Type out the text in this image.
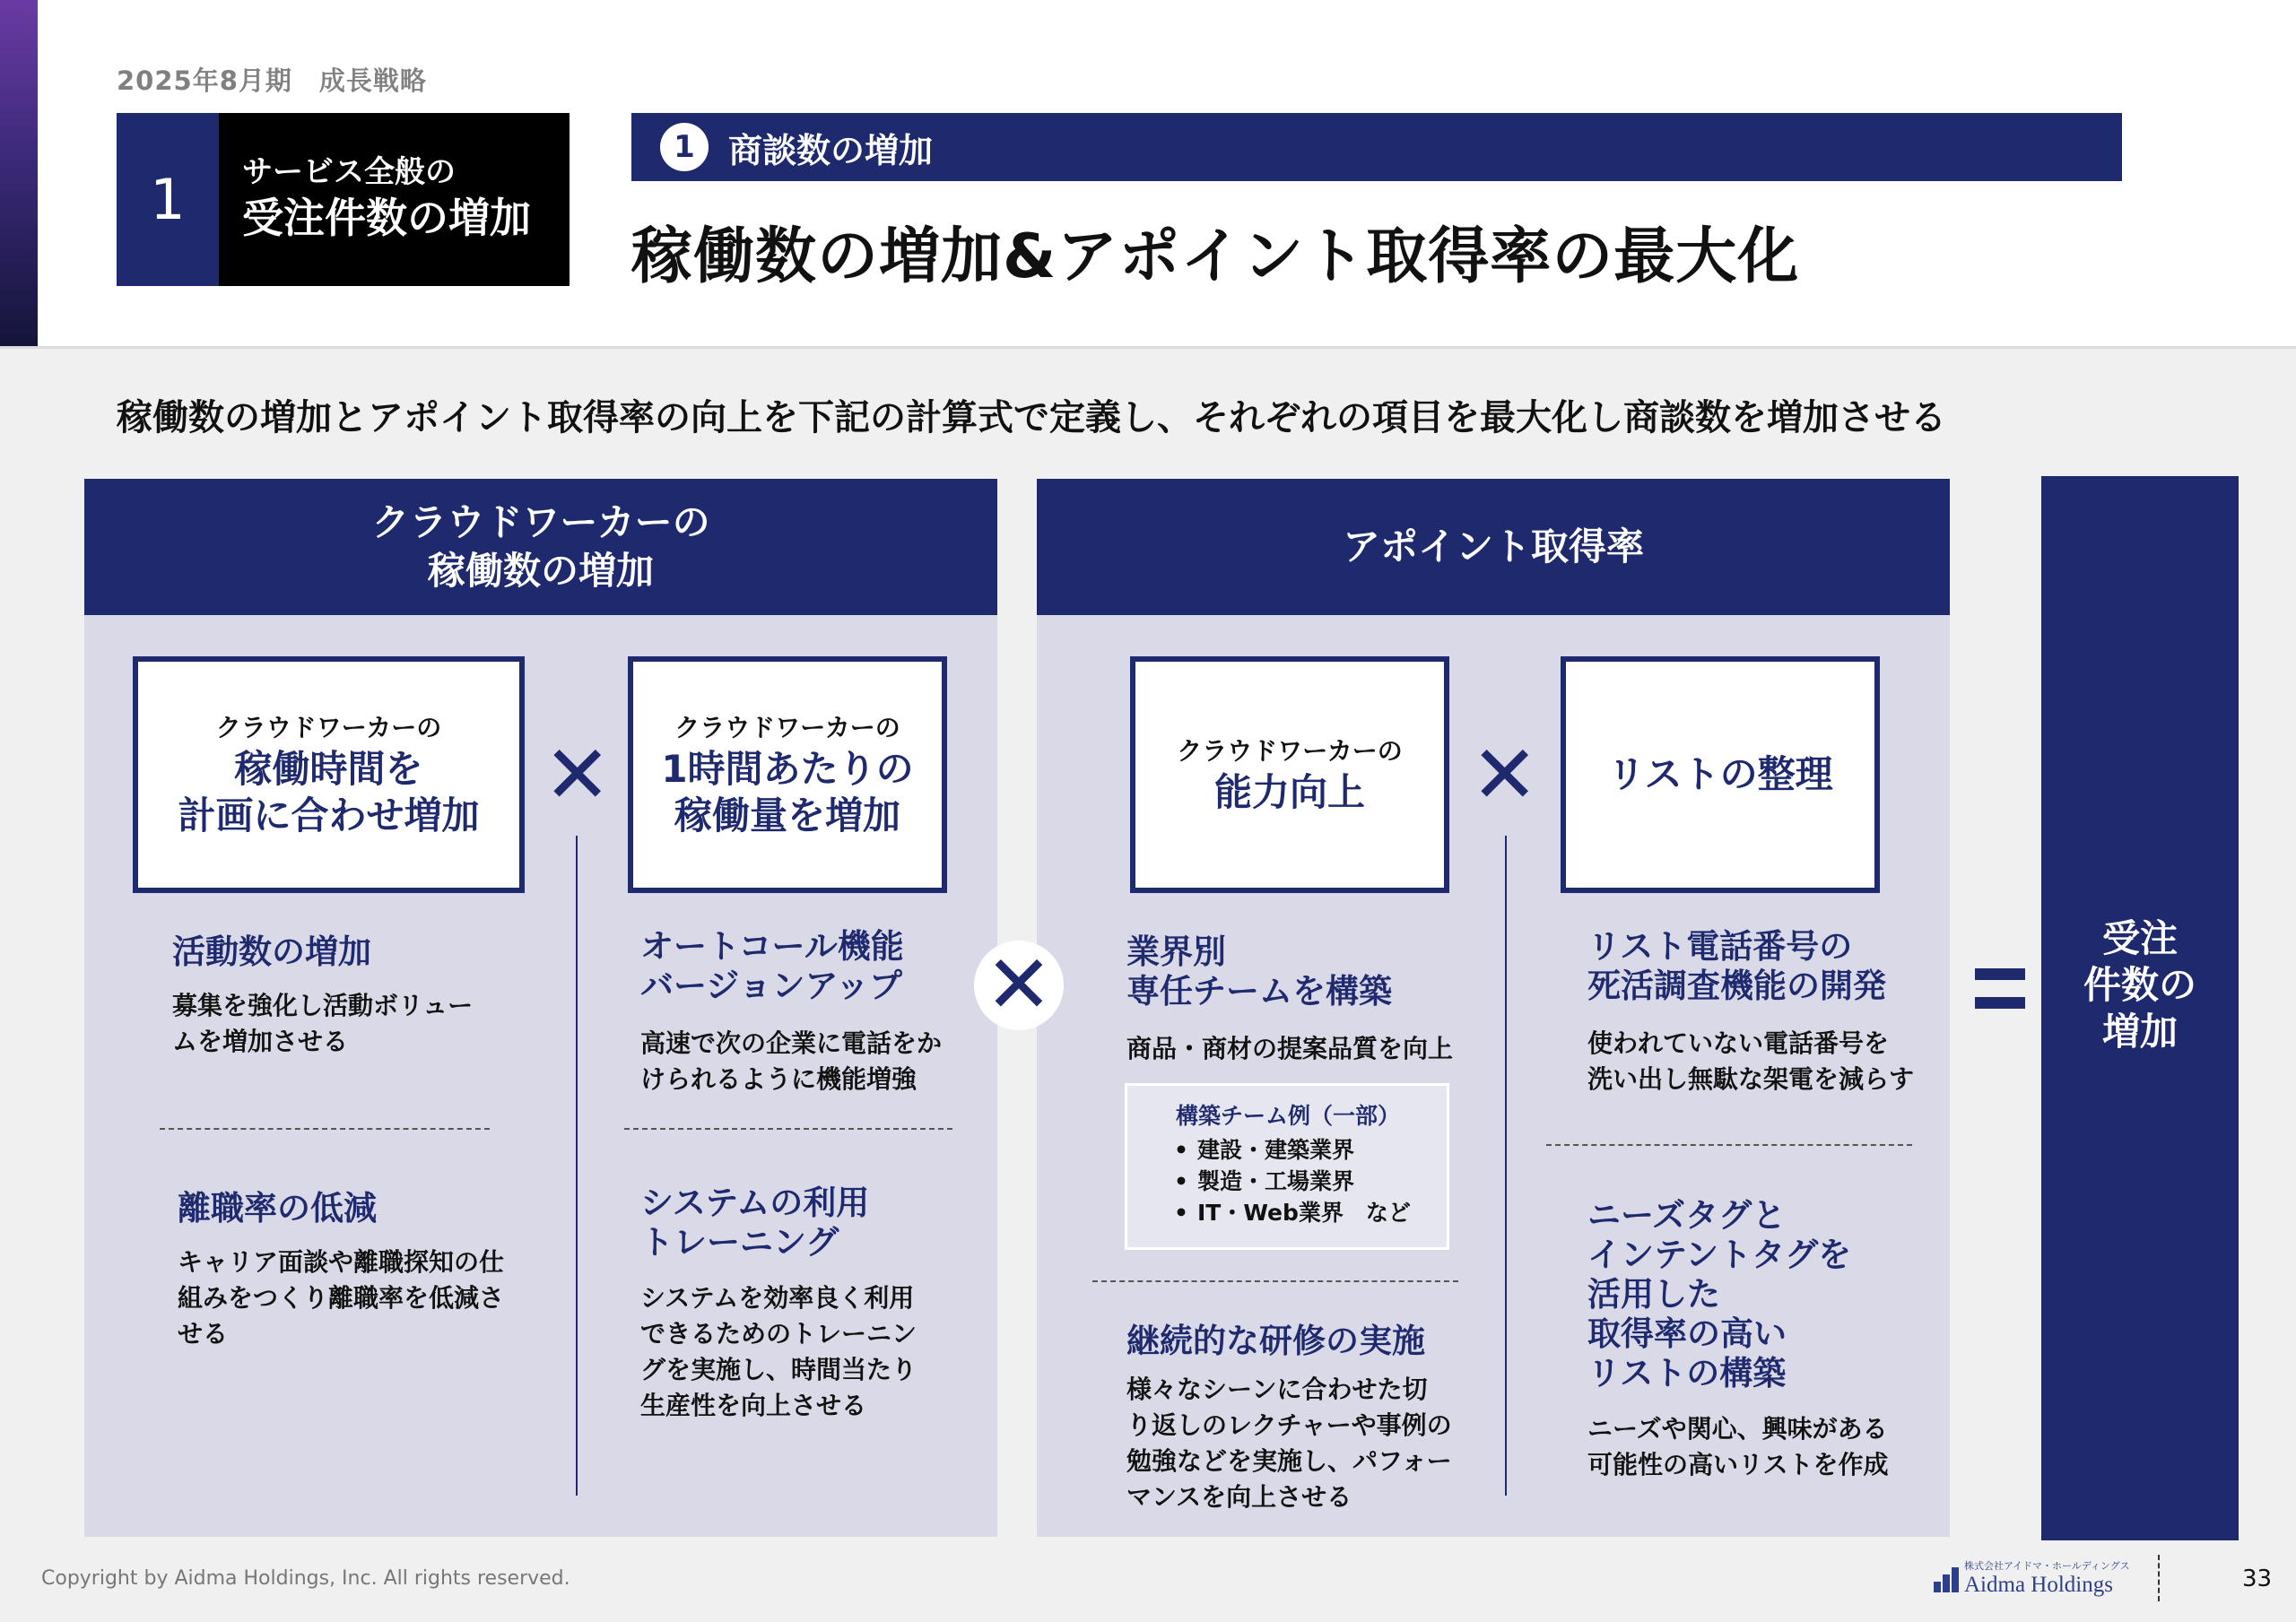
2025年8月期　成長戦略
1	サービス全般の
受注件数の増加
1 商談数の増加
稼働数の増加&アポイント取得率の最大化
稼働数の増加とアポイント取得率の向上を下記の計算式で定義し、それぞれの項目を最大化し商談数を増加させる
クラウドワーカーの
稼働数の増加
クラウドワーカーの
稼働時間を
計画に合わせ増加 ✕
クラウドワーカーの
1時間あたりの
稼働量を増加
活動数の増加
募集を強化し活動ボリュー
ムを増加させる
離職率の低減
キャリア面談や離職探知の仕
組みをつくり離職率を低減さ
せる
オートコール機能
バージョンアップ
高速で次の企業に電話をか
けられるように機能増強
システムの利用
トレーニング
システムを効率良く利用
できるためのトレーニン
グを実施し、時間当たり
生産性を向上させる
アポイント取得率
クラウドワーカーの
能力向上 ✕ リストの整理
業界別
専任チームを構築
商品・商材の提案品質を向上
構築チーム例（一部）
• 建設・建築業界
• 製造・工場業界
• IT・Web業界　など
継続的な研修の実施
様々なシーンに合わせた切
り返しのレクチャーや事例の
勉強などを実施し、パフォー
マンスを向上させる
リスト電話番号の
死活調査機能の開発
使われていない電話番号を
洗い出し無駄な架電を減らす
ニーズタグと
インテントタグを
活用した
取得率の高い
リストの構築
ニーズや関心、興味がある
可能性の高いリストを作成
✕	受注
件数の
増加
Copyright by Aidma Holdings, Inc. All rights reserved.
株式会社アイドマ・ホールディングス
Aidma Holdings	33
